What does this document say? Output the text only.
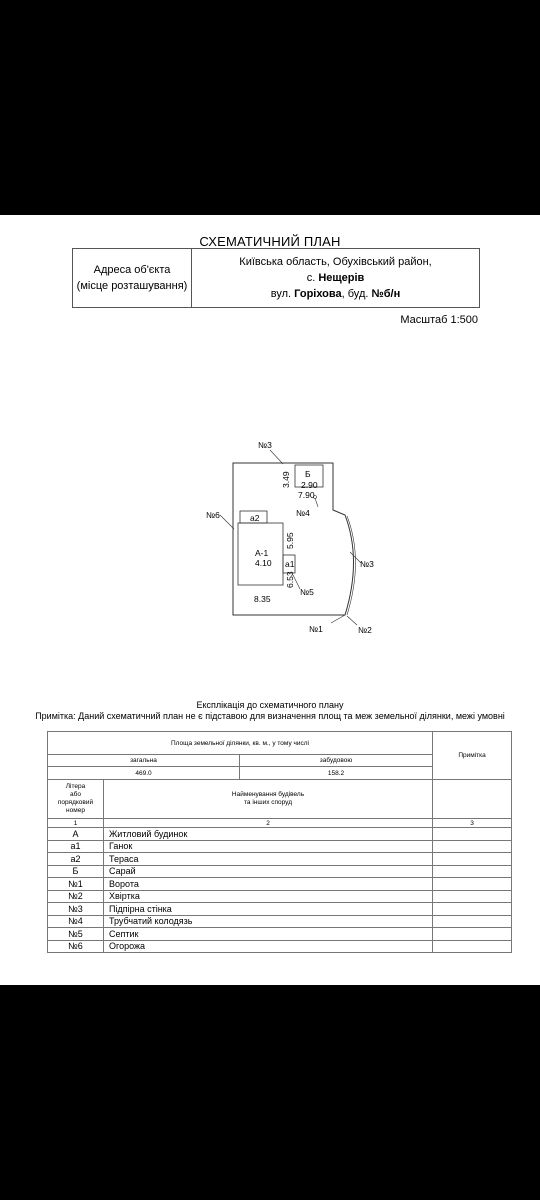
СХЕМАТИЧНИЙ ПЛАН
Адреса об'єкта
(місце розташування)

Київська область, Обухівський район,
с. Нещерів
вул. Горіхова, буд. №б/н
Масштаб 1:500
№3
№6
№3
№4
№5
№1	№2
Б
а2
а1
А-1
2.90
7.90
4.10
8.35
3.49
5.95
6.53
Експлікація до схематичного плану
Примітка: Даний схематичний план не є підставою для визначення площ та меж земельної ділянки, межі умовні
Площа земельної ділянки, кв. м., у тому числі			Примітка
загальна		забудовою	
469.0		158.2	
Літера
або
порядковий
номер	Найменування будівель
та інших споруд		
1	2		3
А	Житловий будинок		
а1	Ганок		
а2	Тераса		
Б	Сарай		
№1	Ворота		
№2	Хвіртка		
№3	Підпірна стінка		
№4	Трубчатий колодязь		
№5	Септик		
№6	Огорожа		
